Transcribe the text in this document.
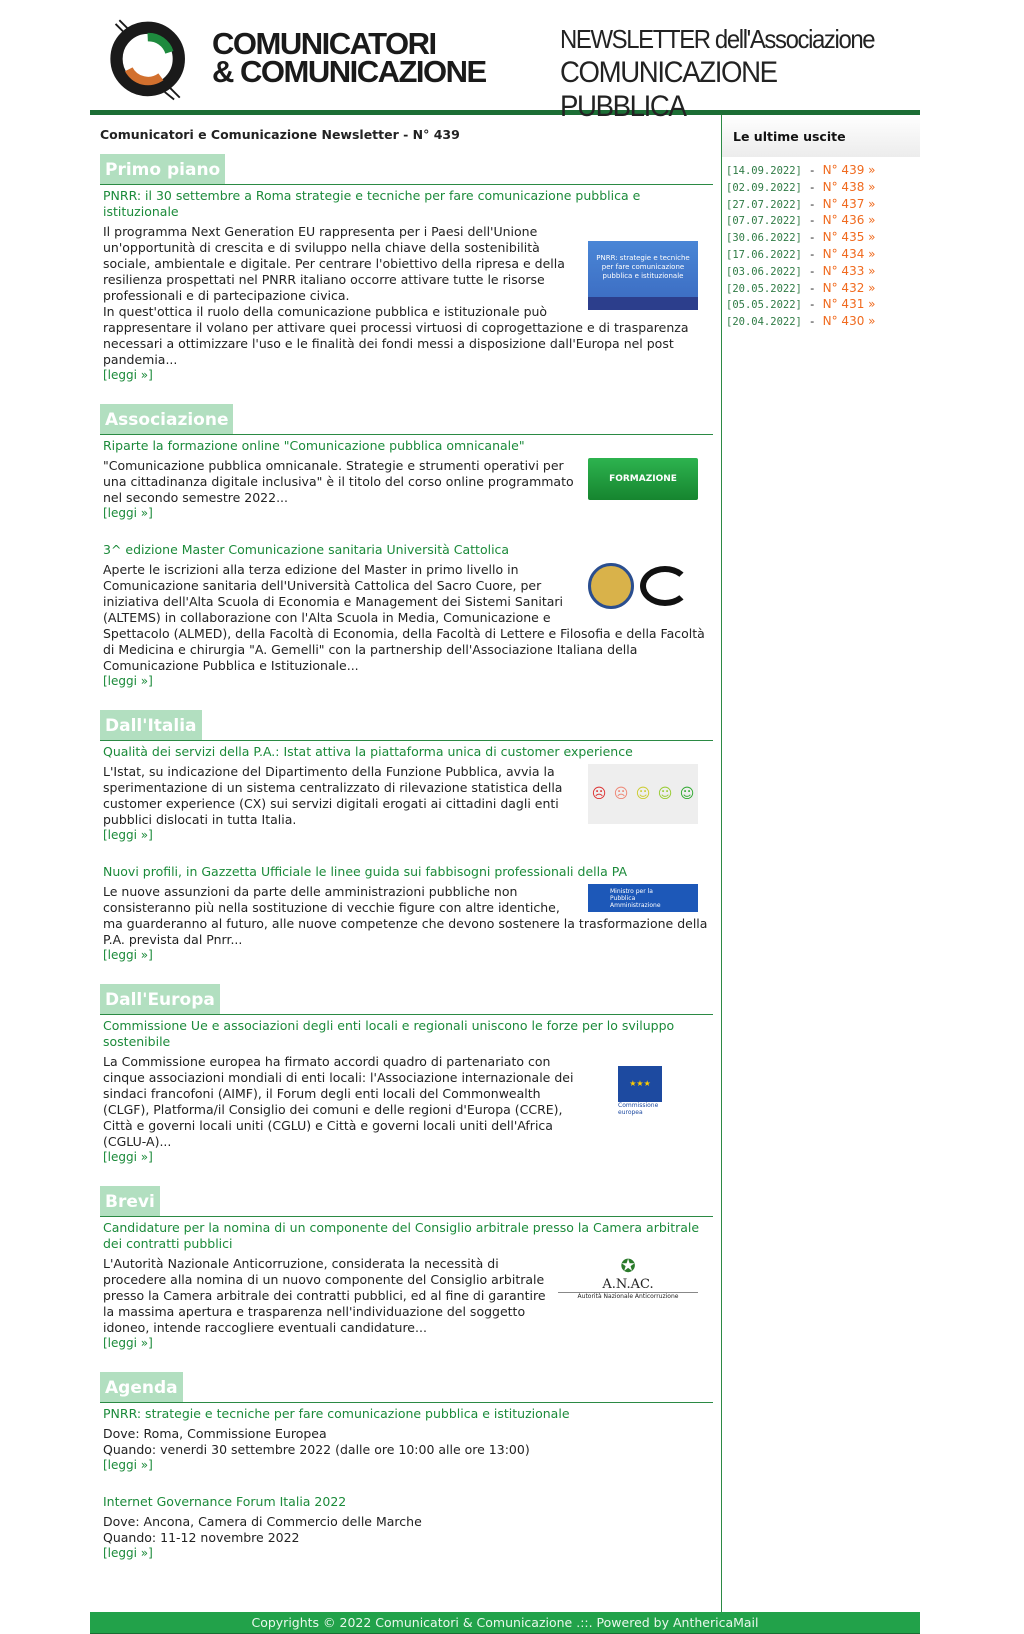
COMUNICATORI
& COMUNICAZIONE
NEWSLETTER dell'Associazione
COMUNICAZIONE PUBBLICA
Comunicatori e Comunicazione Newsletter - N° 439
Primo piano
PNRR: il 30 settembre a Roma strategie e tecniche per fare comunicazione pubblica e istituzionale
PNRR: strategie e tecniche per fare comunicazione pubblica e istituzionale

Il programma Next Generation EU rappresenta per i Paesi dell'Unione un'opportunità di crescita e di sviluppo nella chiave della sostenibilità sociale, ambientale e digitale. Per centrare l'obiettivo della ripresa e della resilienza prospettati nel PNRR italiano occorre attivare tutte le risorse professionali e di partecipazione civica.
In quest'ottica il ruolo della comunicazione pubblica e istituzionale può rappresentare il volano per attivare quei processi virtuosi di coprogettazione e di trasparenza necessari a ottimizzare l'uso e le finalità dei fondi messi a disposizione dall'Europa nel post pandemia...

[leggi »]
Associazione
Riparte la formazione online "Comunicazione pubblica omnicanale"
FORMAZIONE

"Comunicazione pubblica omnicanale. Strategie e strumenti operativi per una cittadinanza digitale inclusiva" è il titolo del corso online programmato nel secondo semestre 2022...

[leggi »]
3^ edizione Master Comunicazione sanitaria Università Cattolica

Aperte le iscrizioni alla terza edizione del Master in primo livello in Comunicazione sanitaria dell'Università Cattolica del Sacro Cuore, per iniziativa dell'Alta Scuola di Economia e Management dei Sistemi Sanitari (ALTEMS) in collaborazione con l'Alta Scuola in Media, Comunicazione e Spettacolo (ALMED), della Facoltà di Economia, della Facoltà di Lettere e Filosofia e della Facoltà di Medicina e chirurgia "A. Gemelli" con la partnership dell'Associazione Italiana della Comunicazione Pubblica e Istituzionale...

[leggi »]
Dall'Italia
Qualità dei servizi della P.A.: Istat attiva la piattaforma unica di customer experience
☹ ☹ ☺ ☺ ☺

L'Istat, su indicazione del Dipartimento della Funzione Pubblica, avvia la sperimentazione di un sistema centralizzato di rilevazione statistica della customer experience (CX) sui servizi digitali erogati ai cittadini dagli enti pubblici dislocati in tutta Italia.

[leggi »]
Nuovi profili, in Gazzetta Ufficiale le linee guida sui fabbisogni professionali della PA
Ministro per la Pubblica Amministrazione

Le nuove assunzioni da parte delle amministrazioni pubbliche non consisteranno più nella sostituzione di vecchie figure con altre identiche, ma guarderanno al futuro, alle nuove competenze che devono sostenere la trasformazione della P.A. prevista dal Pnrr...

[leggi »]
Dall'Europa
Commissione Ue e associazioni degli enti locali e regionali uniscono le forze per lo sviluppo sostenibile
★★★
Commissione europea

La Commissione europea ha firmato accordi quadro di partenariato con cinque associazioni mondiali di enti locali: l'Associazione internazionale dei sindaci francofoni (AIMF), il Forum degli enti locali del Commonwealth (CLGF), Platforma/il Consiglio dei comuni e delle regioni d'Europa (CCRE), Città e governi locali uniti (CGLU) e Città e governi locali uniti dell'Africa (CGLU-A)...

[leggi »]
Brevi
Candidature per la nomina di un componente del Consiglio arbitrale presso la Camera arbitrale dei contratti pubblici
✪
A.N.AC.
Autorità Nazionale Anticorruzione

L'Autorità Nazionale Anticorruzione, considerata la necessità di procedere alla nomina di un nuovo componente del Consiglio arbitrale presso la Camera arbitrale dei contratti pubblici, ed al fine di garantire la massima apertura e trasparenza nell'individuazione del soggetto idoneo, intende raccogliere eventuali candidature...

[leggi »]
Agenda
PNRR: strategie e tecniche per fare comunicazione pubblica e istituzionale

Dove: Roma, Commissione Europea
Quando: venerdi 30 settembre 2022 (dalle ore 10:00 alle ore 13:00)

[leggi »]
Internet Governance Forum Italia 2022

Dove: Ancona, Camera di Commercio delle Marche
Quando: 11-12 novembre 2022

[leggi »]
Le ultime uscite
[14.09.2022] - N° 439 »
[02.09.2022] - N° 438 »
[27.07.2022] - N° 437 »
[07.07.2022] - N° 436 »
[30.06.2022] - N° 435 »
[17.06.2022] - N° 434 »
[03.06.2022] - N° 433 »
[20.05.2022] - N° 432 »
[05.05.2022] - N° 431 »
[20.04.2022] - N° 430 »
Copyrights © 2022 Comunicatori & Comunicazione .::. Powered by AnthericaMail
